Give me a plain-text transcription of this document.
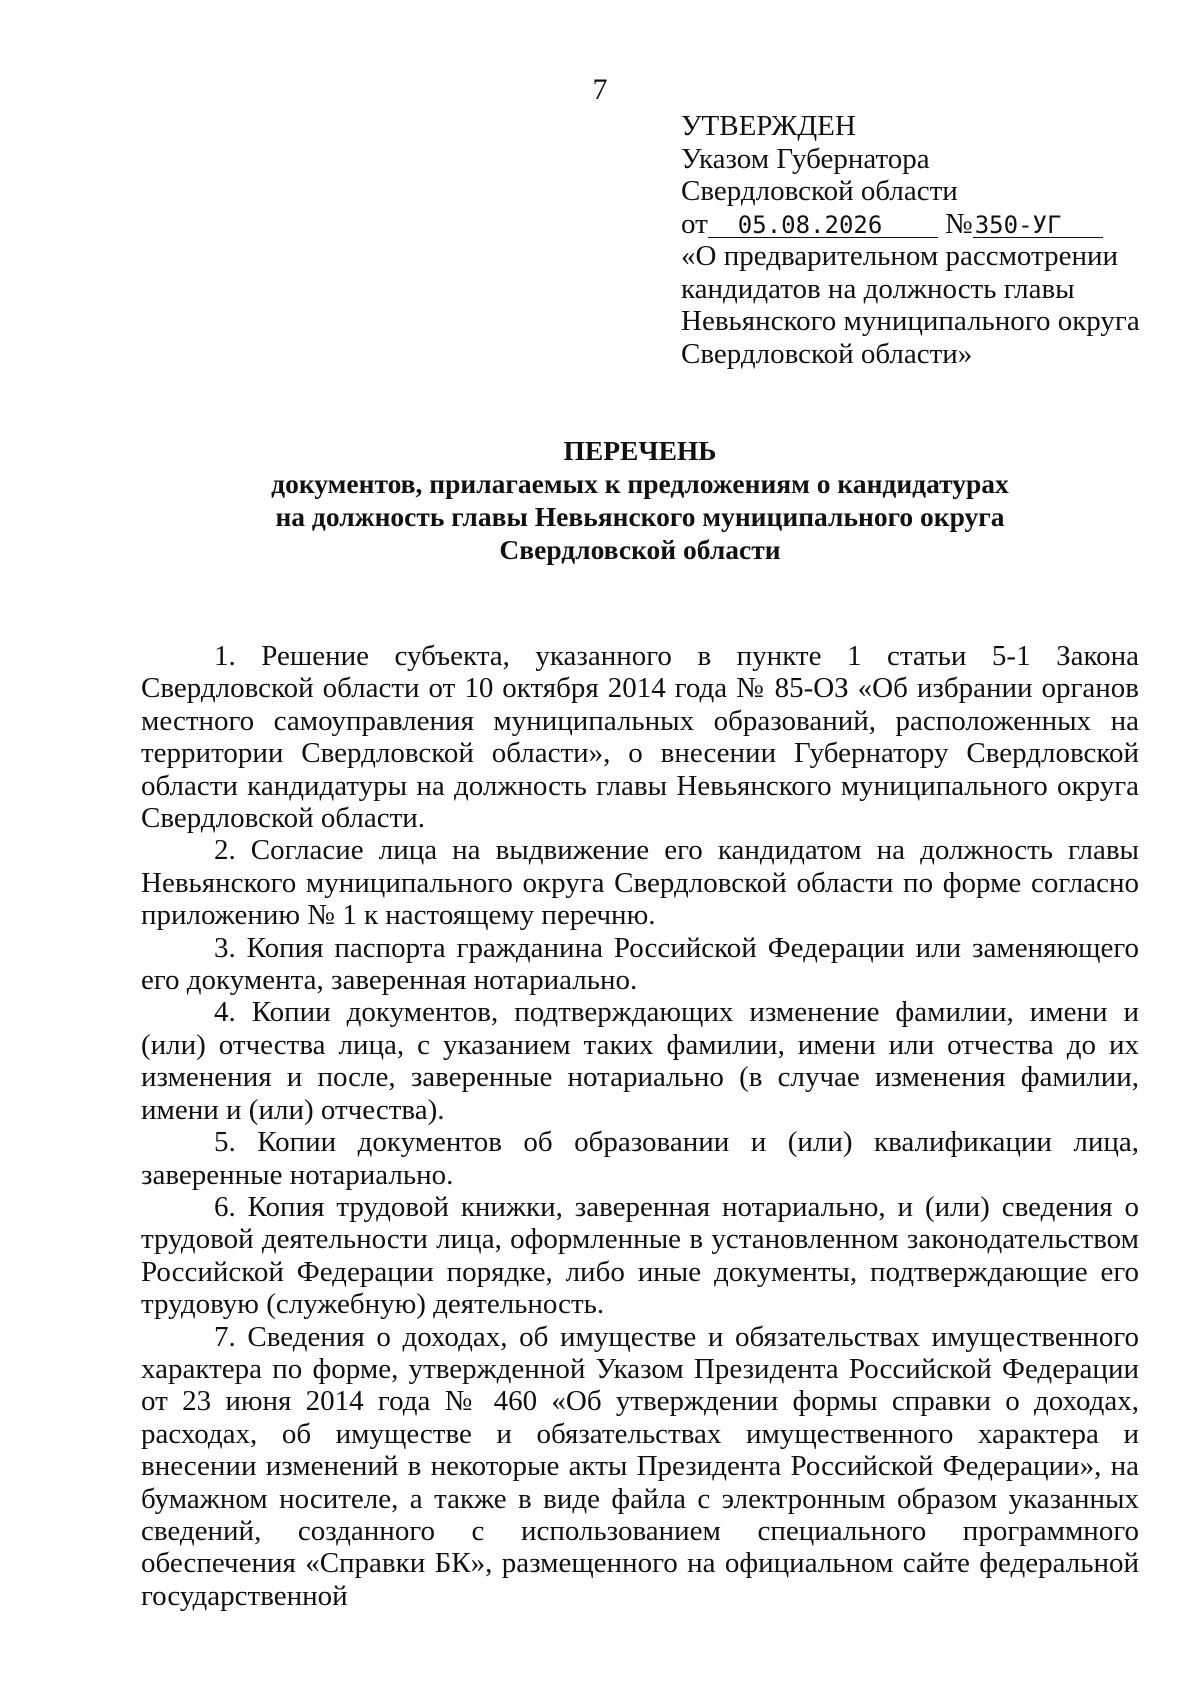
7
УТВЕРЖДЕН
Указом Губернатора
Свердловской области
от 05.08.2026 №350-УГ
«О предварительном рассмотрении
кандидатов на должность главы
Невьянского муниципального округа
Свердловской области»
ПЕРЕЧЕНЬ
документов, прилагаемых к предложениям о кандидатурах
на должность главы Невьянского муниципального округа
Свердловской области

1. Решение субъекта, указанного в пункте 1 статьи 5-1 Закона Свердловской области от 10 октября 2014 года № 85-ОЗ «Об избрании органов местного самоуправления муниципальных образований, расположенных на территории Свердловской области», о внесении Губернатору Свердловской области кандидатуры на должность главы Невьянского муниципального округа Свердловской области.

2. Согласие лица на выдвижение его кандидатом на должность главы Невьянского муниципального округа Свердловской области по форме согласно приложению № 1 к настоящему перечню.

3. Копия паспорта гражданина Российской Федерации или заменяющего его документа, заверенная нотариально.

4. Копии документов, подтверждающих изменение фамилии, имени и (или) отчества лица, с указанием таких фамилии, имени или отчества до их изменения и после, заверенные нотариально (в случае изменения фамилии, имени и (или) отчества).

5. Копии документов об образовании и (или) квалификации лица, заверенные нотариально.

6. Копия трудовой книжки, заверенная нотариально, и (или) сведения о трудовой деятельности лица, оформленные в установленном законодательством Российской Федерации порядке, либо иные документы, подтверждающие его трудовую (служебную) деятельность.

7. Сведения о доходах, об имуществе и обязательствах имущественного характера по форме, утвержденной Указом Президента Российской Федерации от 23 июня 2014 года № 460 «Об утверждении формы справки о доходах, расходах, об имуществе и обязательствах имущественного характера и внесении изменений в некоторые акты Президента Российской Федерации», на бумажном носителе, а также в виде файла с электронным образом указанных сведений, созданного с использованием специального программного обеспечения «Справки БК», размещенного на официальном сайте федеральной государственной
